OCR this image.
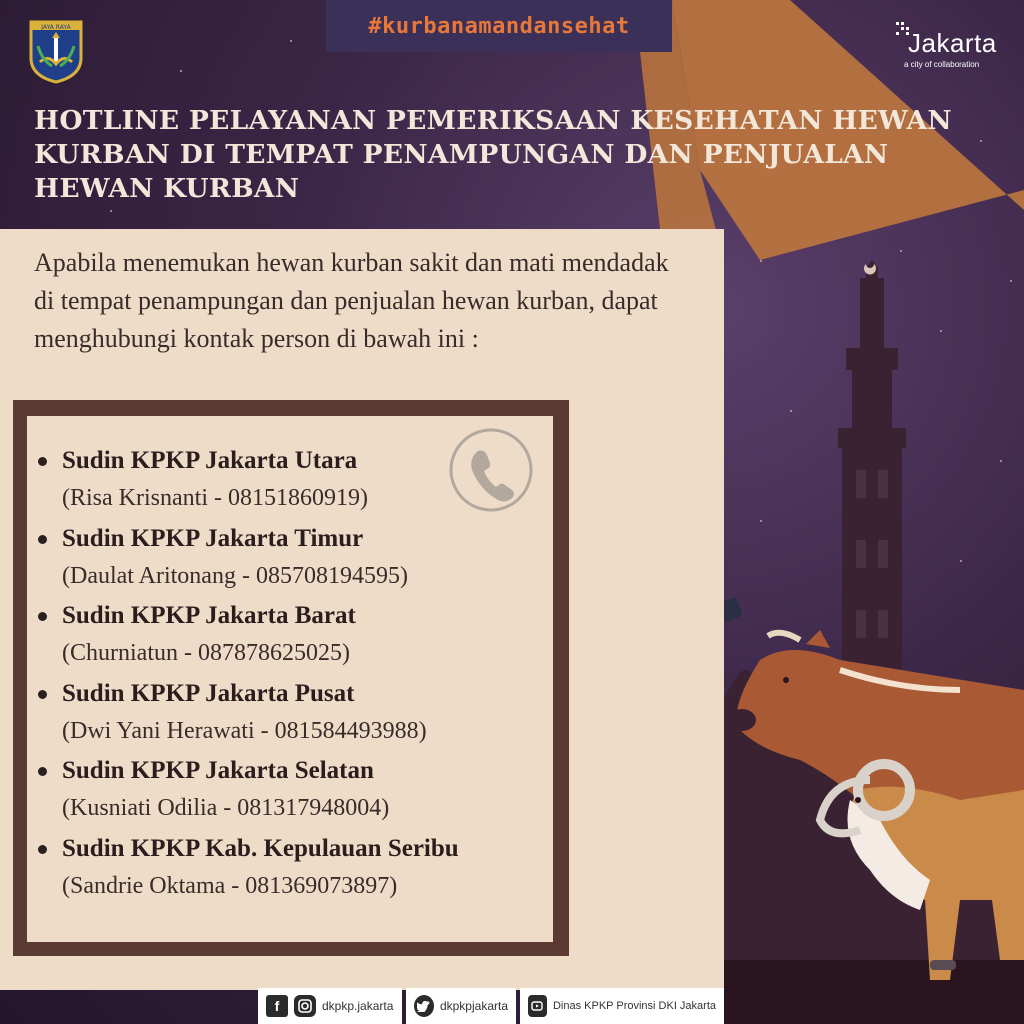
JAYA RAYA	#kurbanamandansehat
Jakarta
a city of collaboration
HOTLINE PELAYANAN PEMERIKSAAN KESEHATAN HEWAN KURBAN DI TEMPAT PENAMPUNGAN DAN PENJUALAN HEWAN KURBAN
Apabila menemukan hewan kurban sakit dan mati mendadak di tempat penampungan dan penjualan hewan kurban, dapat menghubungi kontak person di bawah ini :
Sudin KPKP Jakarta Utara
(Risa Krisnanti - 08151860919)
Sudin KPKP Jakarta Timur
(Daulat Aritonang - 085708194595)
Sudin KPKP Jakarta Barat
(Churniatun - 087878625025)
Sudin KPKP Jakarta Pusat
(Dwi Yani Herawati - 081584493988)
Sudin KPKP Jakarta Selatan
(Kusniati Odilia - 081317948004)
Sudin KPKP Kab. Kepulauan Seribu
(Sandrie Oktama - 081369073897)
f	dkpkp.jakarta	dkpkpjakarta	Dinas KPKP Provinsi DKI Jakarta
